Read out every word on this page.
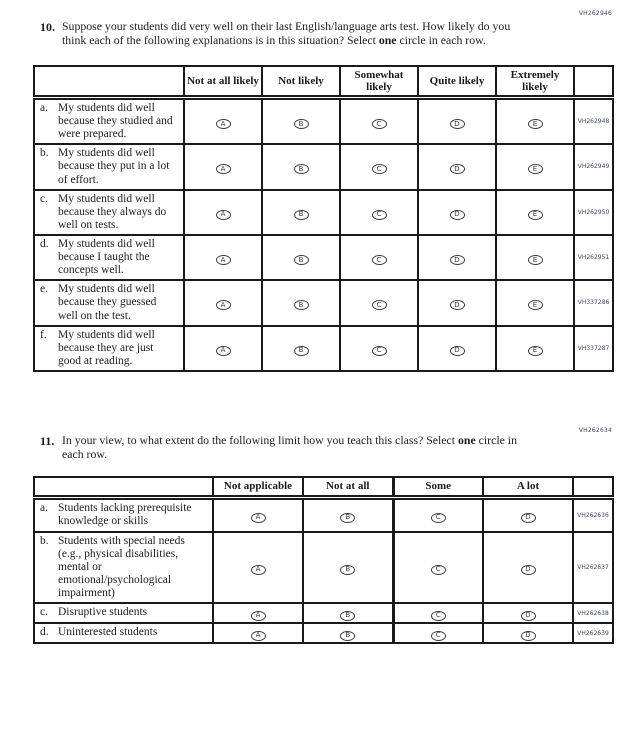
VH262946
10. Suppose your students did very well on their last English/language arts test. How likely do you think each of the following explanations is in this situation? Select one circle in each row.

	Not at all likely	Not likely	Somewhat likely	Quite likely	Extremely likely	

a. My students did well because they studied and were prepared.	A	B	C	D	E	VH262948

b. My students did well because they put in a lot of effort.	A	B	C	D	E	VH262949

c. My students did well because they always do well on tests.	A	B	C	D	E	VH262950

d. My students did well because I taught the concepts well.	A	B	C	D	E	VH262951

e. My students did well because they guessed well on the test.	A	B	C	D	E	VH337286

f. My students did well because they are just good at reading.	A	B	C	D	E	VH337287
VH262634
11. In your view, to what extent do the following limit how you teach this class? Select one circle in each row.

	Not applicable	Not at all	Some	A lot	

a. Students lacking prerequisite knowledge or skills	A	B	C	D	VH262636

b. Students with special needs (e.g., physical disabilities, mental or emotional/psychological impairment)	A	B	C	D	VH262637

c. Disruptive students	A	B	C	D	VH262638

d. Uninterested students	A	B	C	D	VH262639
